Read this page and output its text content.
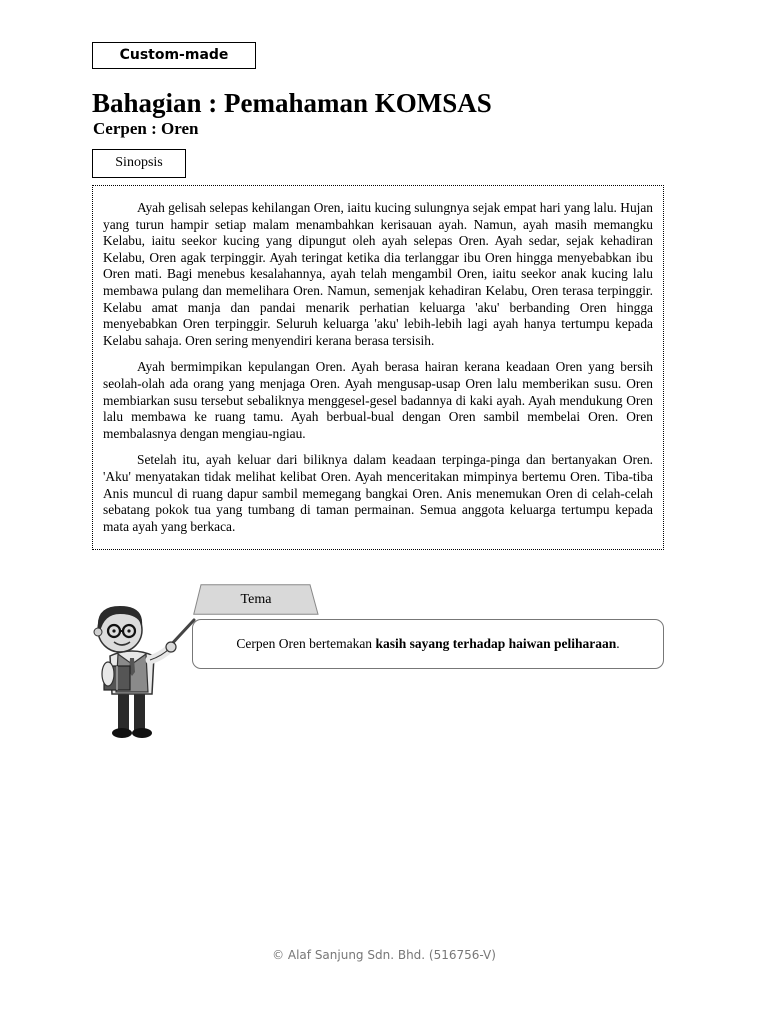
Custom-made
Bahagian : Pemahaman KOMSAS
Cerpen : Oren
Sinopsis

Ayah gelisah selepas kehilangan Oren, iaitu kucing sulungnya sejak empat hari yang lalu. Hujan yang turun hampir setiap malam menambahkan kerisauan ayah. Namun, ayah masih memangku Kelabu, iaitu seekor kucing yang dipungut oleh ayah selepas Oren. Ayah sedar, sejak kehadiran Kelabu, Oren agak terpinggir. Ayah teringat ketika dia terlanggar ibu Oren hingga menyebabkan ibu Oren mati. Bagi menebus kesalahannya, ayah telah mengambil Oren, iaitu seekor anak kucing lalu membawa pulang dan memelihara Oren. Namun, semenjak kehadiran Kelabu, Oren terasa terpinggir. Kelabu amat manja dan pandai menarik perhatian keluarga 'aku' berbanding Oren hingga menyebabkan Oren terpinggir. Seluruh keluarga 'aku' lebih-lebih lagi ayah hanya tertumpu kepada Kelabu sahaja. Oren sering menyendiri kerana berasa tersisih.

Ayah bermimpikan kepulangan Oren. Ayah berasa hairan kerana keadaan Oren yang bersih seolah-olah ada orang yang menjaga Oren. Ayah mengusap-usap Oren lalu memberikan susu. Oren membiarkan susu tersebut sebaliknya menggesel-gesel badannya di kaki ayah. Ayah mendukung Oren lalu membawa ke ruang tamu. Ayah berbual-bual dengan Oren sambil membelai Oren. Oren membalasnya dengan mengiau-ngiau.

Setelah itu, ayah keluar dari biliknya dalam keadaan terpinga-pinga dan bertanyakan Oren. 'Aku' menyatakan tidak melihat kelibat Oren. Ayah menceritakan mimpinya bertemu Oren. Tiba-tiba Anis muncul di ruang dapur sambil memegang bangkai Oren. Anis menemukan Oren di celah-celah sebatang pokok tua yang tumbang di taman permainan. Semua anggota keluarga tertumpu kepada mata ayah yang berkaca.

Tema
Cerpen Oren bertemakan kasih sayang terhadap haiwan peliharaan.
© Alaf Sanjung Sdn. Bhd. (516756-V)
